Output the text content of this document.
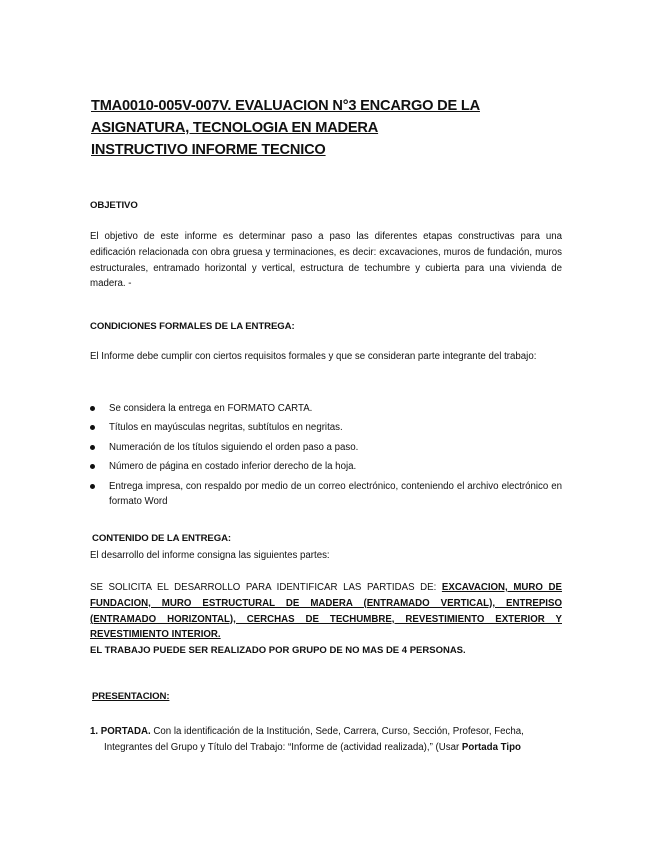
TMA0010-005V-007V. EVALUACION N°3 ENCARGO DE LA
ASIGNATURA, TECNOLOGIA EN MADERA
INSTRUCTIVO INFORME TECNICO
OBJETIVO
El objetivo de este informe es determinar paso a paso las diferentes etapas constructivas para una edificación relacionada con obra gruesa y terminaciones, es decir: excavaciones, muros de fundación, muros estructurales, entramado horizontal y vertical, estructura de techumbre y cubierta para una vivienda de madera. -
CONDICIONES FORMALES DE LA ENTREGA:
El Informe debe cumplir con ciertos requisitos formales y que se consideran parte integrante del trabajo:
Se considera la entrega en FORMATO CARTA.
Títulos en mayúsculas negritas, subtítulos en negritas.
Numeración de los títulos siguiendo el orden paso a paso.
Número de página en costado inferior derecho de la hoja.
Entrega impresa, con respaldo por medio de un correo electrónico, conteniendo el archivo electrónico en formato Word
CONTENIDO DE LA ENTREGA:
El desarrollo del informe consigna las siguientes partes:
SE SOLICITA EL DESARROLLO PARA IDENTIFICAR LAS PARTIDAS DE: EXCAVACION, MURO DE FUNDACION, MURO ESTRUCTURAL DE MADERA (ENTRAMADO VERTICAL), ENTREPISO (ENTRAMADO HORIZONTAL), CERCHAS DE TECHUMBRE, REVESTIMIENTO EXTERIOR Y REVESTIMIENTO INTERIOR.
EL TRABAJO PUEDE SER REALIZADO POR GRUPO DE NO MAS DE 4 PERSONAS.
PRESENTACION:
1. PORTADA. Con la identificación de la Institución, Sede, Carrera, Curso, Sección, Profesor, Fecha,
Integrantes del Grupo y Título del Trabajo: “Informe de (actividad realizada),” (Usar Portada Tipo
